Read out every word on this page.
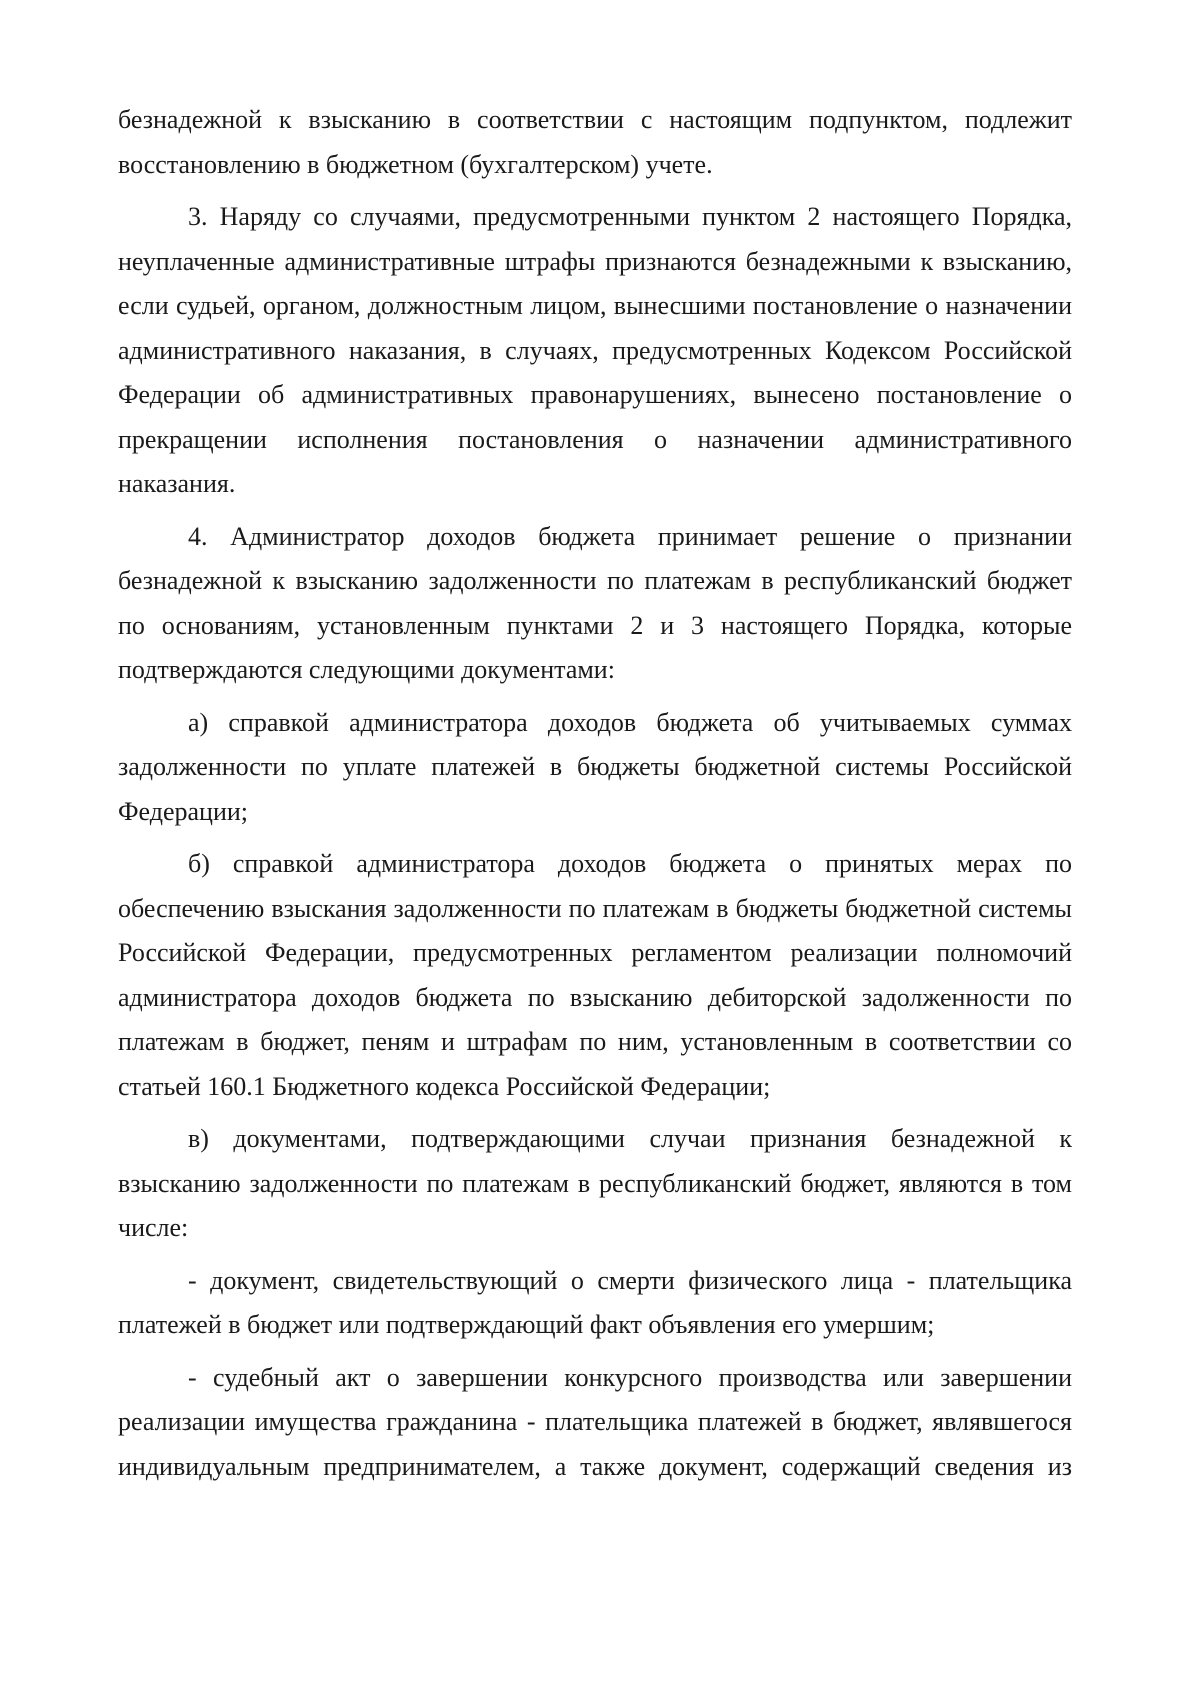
безнадежной к взысканию в соответствии с настоящим подпунктом, подлежит восстановлению в бюджетном (бухгалтерском) учете.

3. Наряду со случаями, предусмотренными пунктом 2 настоящего Порядка, неуплаченные административные штрафы признаются безнадежными к взысканию, если судьей, органом, должностным лицом, вынесшими постановление о назначении административного наказания, в случаях, предусмотренных Кодексом Российской Федерации об административных правонарушениях, вынесено постановление о прекращении исполнения постановления о назначении административного наказания.

4. Администратор доходов бюджета принимает решение о признании безнадежной к взысканию задолженности по платежам в республиканский бюджет по основаниям, установленным пунктами 2 и 3 настоящего Порядка, которые подтверждаются следующими документами:

а) справкой администратора доходов бюджета об учитываемых суммах задолженности по уплате платежей в бюджеты бюджетной системы Российской Федерации;

б) справкой администратора доходов бюджета о принятых мерах по обеспечению взыскания задолженности по платежам в бюджеты бюджетной системы Российской Федерации, предусмотренных регламентом реализации полномочий администратора доходов бюджета по взысканию дебиторской задолженности по платежам в бюджет, пеням и штрафам по ним, установленным в соответствии со статьей 160.1 Бюджетного кодекса Российской Федерации;

в) документами, подтверждающими случаи признания безнадежной к взысканию задолженности по платежам в республиканский бюджет, являются в том числе:

- документ, свидетельствующий о смерти физического лица - плательщика платежей в бюджет или подтверждающий факт объявления его умершим;

- судебный акт о завершении конкурсного производства или завершении реализации имущества гражданина - плательщика платежей в бюджет, являвшегося индивидуальным предпринимателем, а также документ, содержащий сведения из
